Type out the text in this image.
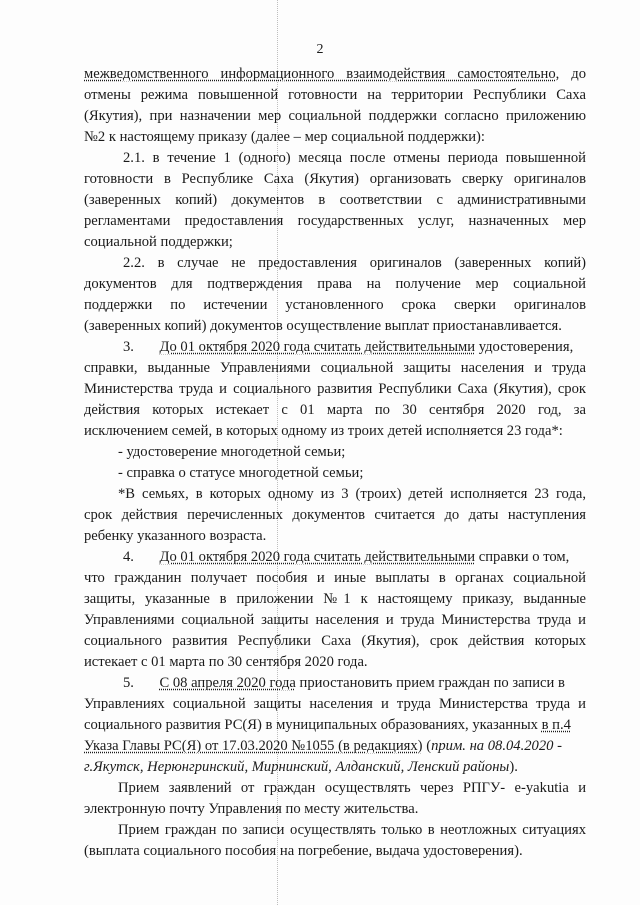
2
межведомственного информационного взаимодействия самостоятельно, до
отмены режима повышенной готовности на территории Республики Саха
(Якутия), при назначении мер социальной поддержки согласно приложению
№2 к настоящему приказу (далее – мер социальной поддержки):
2.1. в течение 1 (одного) месяца после отмены периода повышенной
готовности в Республике Саха (Якутия) организовать сверку оригиналов
(заверенных копий) документов в соответствии с административными
регламентами предоставления государственных услуг, назначенных мер
социальной поддержки;
2.2. в случае не предоставления оригиналов (заверенных копий)
документов для подтверждения права на получение мер социальной
поддержки по истечении установленного срока сверки оригиналов
(заверенных копий) документов осуществление выплат приостанавливается.
3. До 01 октября 2020 года считать действительными удостоверения,
справки, выданные Управлениями социальной защиты населения и труда
Министерства труда и социального развития Республики Саха (Якутия), срок
действия которых истекает с 01 марта по 30 сентября 2020 год, за
исключением семей, в которых одному из троих детей исполняется 23 года*:
- удостоверение многодетной семьи;
- справка о статусе многодетной семьи;
*В семьях, в которых одному из 3 (троих) детей исполняется 23 года,
срок действия перечисленных документов считается до даты наступления
ребенку указанного возраста.
4. До 01 октября 2020 года считать действительными справки о том,
что гражданин получает пособия и иные выплаты в органах социальной
защиты, указанные в приложении №1 к настоящему приказу, выданные
Управлениями социальной защиты населения и труда Министерства труда и
социального развития Республики Саха (Якутия), срок действия которых
истекает с 01 марта по 30 сентября 2020 года.
5. С 08 апреля 2020 года приостановить прием граждан по записи в
Управлениях социальной защиты населения и труда Министерства труда и
социального развития РС(Я) в муниципальных образованиях, указанных в п.4
Указа Главы РС(Я) от 17.03.2020 №1055 (в редакциях) (прим. на 08.04.2020 -
г.Якутск, Нерюнгринский, Мирнинский, Алданский, Ленский районы).
Прием заявлений от граждан осуществлять через РПГУ- e-yakutia и
электронную почту Управления по месту жительства.
Прием граждан по записи осуществлять только в неотложных ситуациях
(выплата социального пособия на погребение, выдача удостоверения).
